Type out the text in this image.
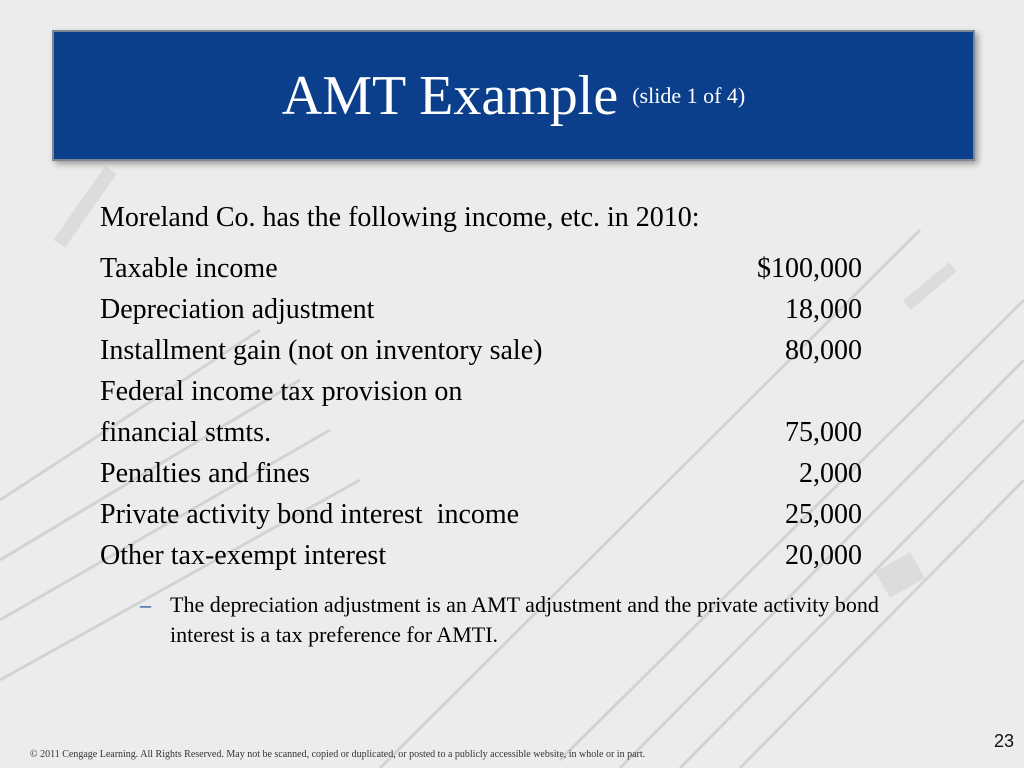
AMT Example (slide 1 of 4)

Moreland Co. has the following income, etc. in 2010:

Taxable income	$100,000
Depreciation adjustment	18,000
Installment gain (not on inventory sale)	80,000
Federal income tax provision on
financial stmts.	75,000
Penalties and fines	2,000
Private activity bond interest  income	25,000
Other tax-exempt interest	20,000
– The depreciation adjustment is an AMT adjustment and the private activity bond interest is a tax preference for AMTI.
© 2011 Cengage Learning. All Rights Reserved. May not be scanned, copied or duplicated, or posted to a publicly accessible website, in whole or in part.
23
